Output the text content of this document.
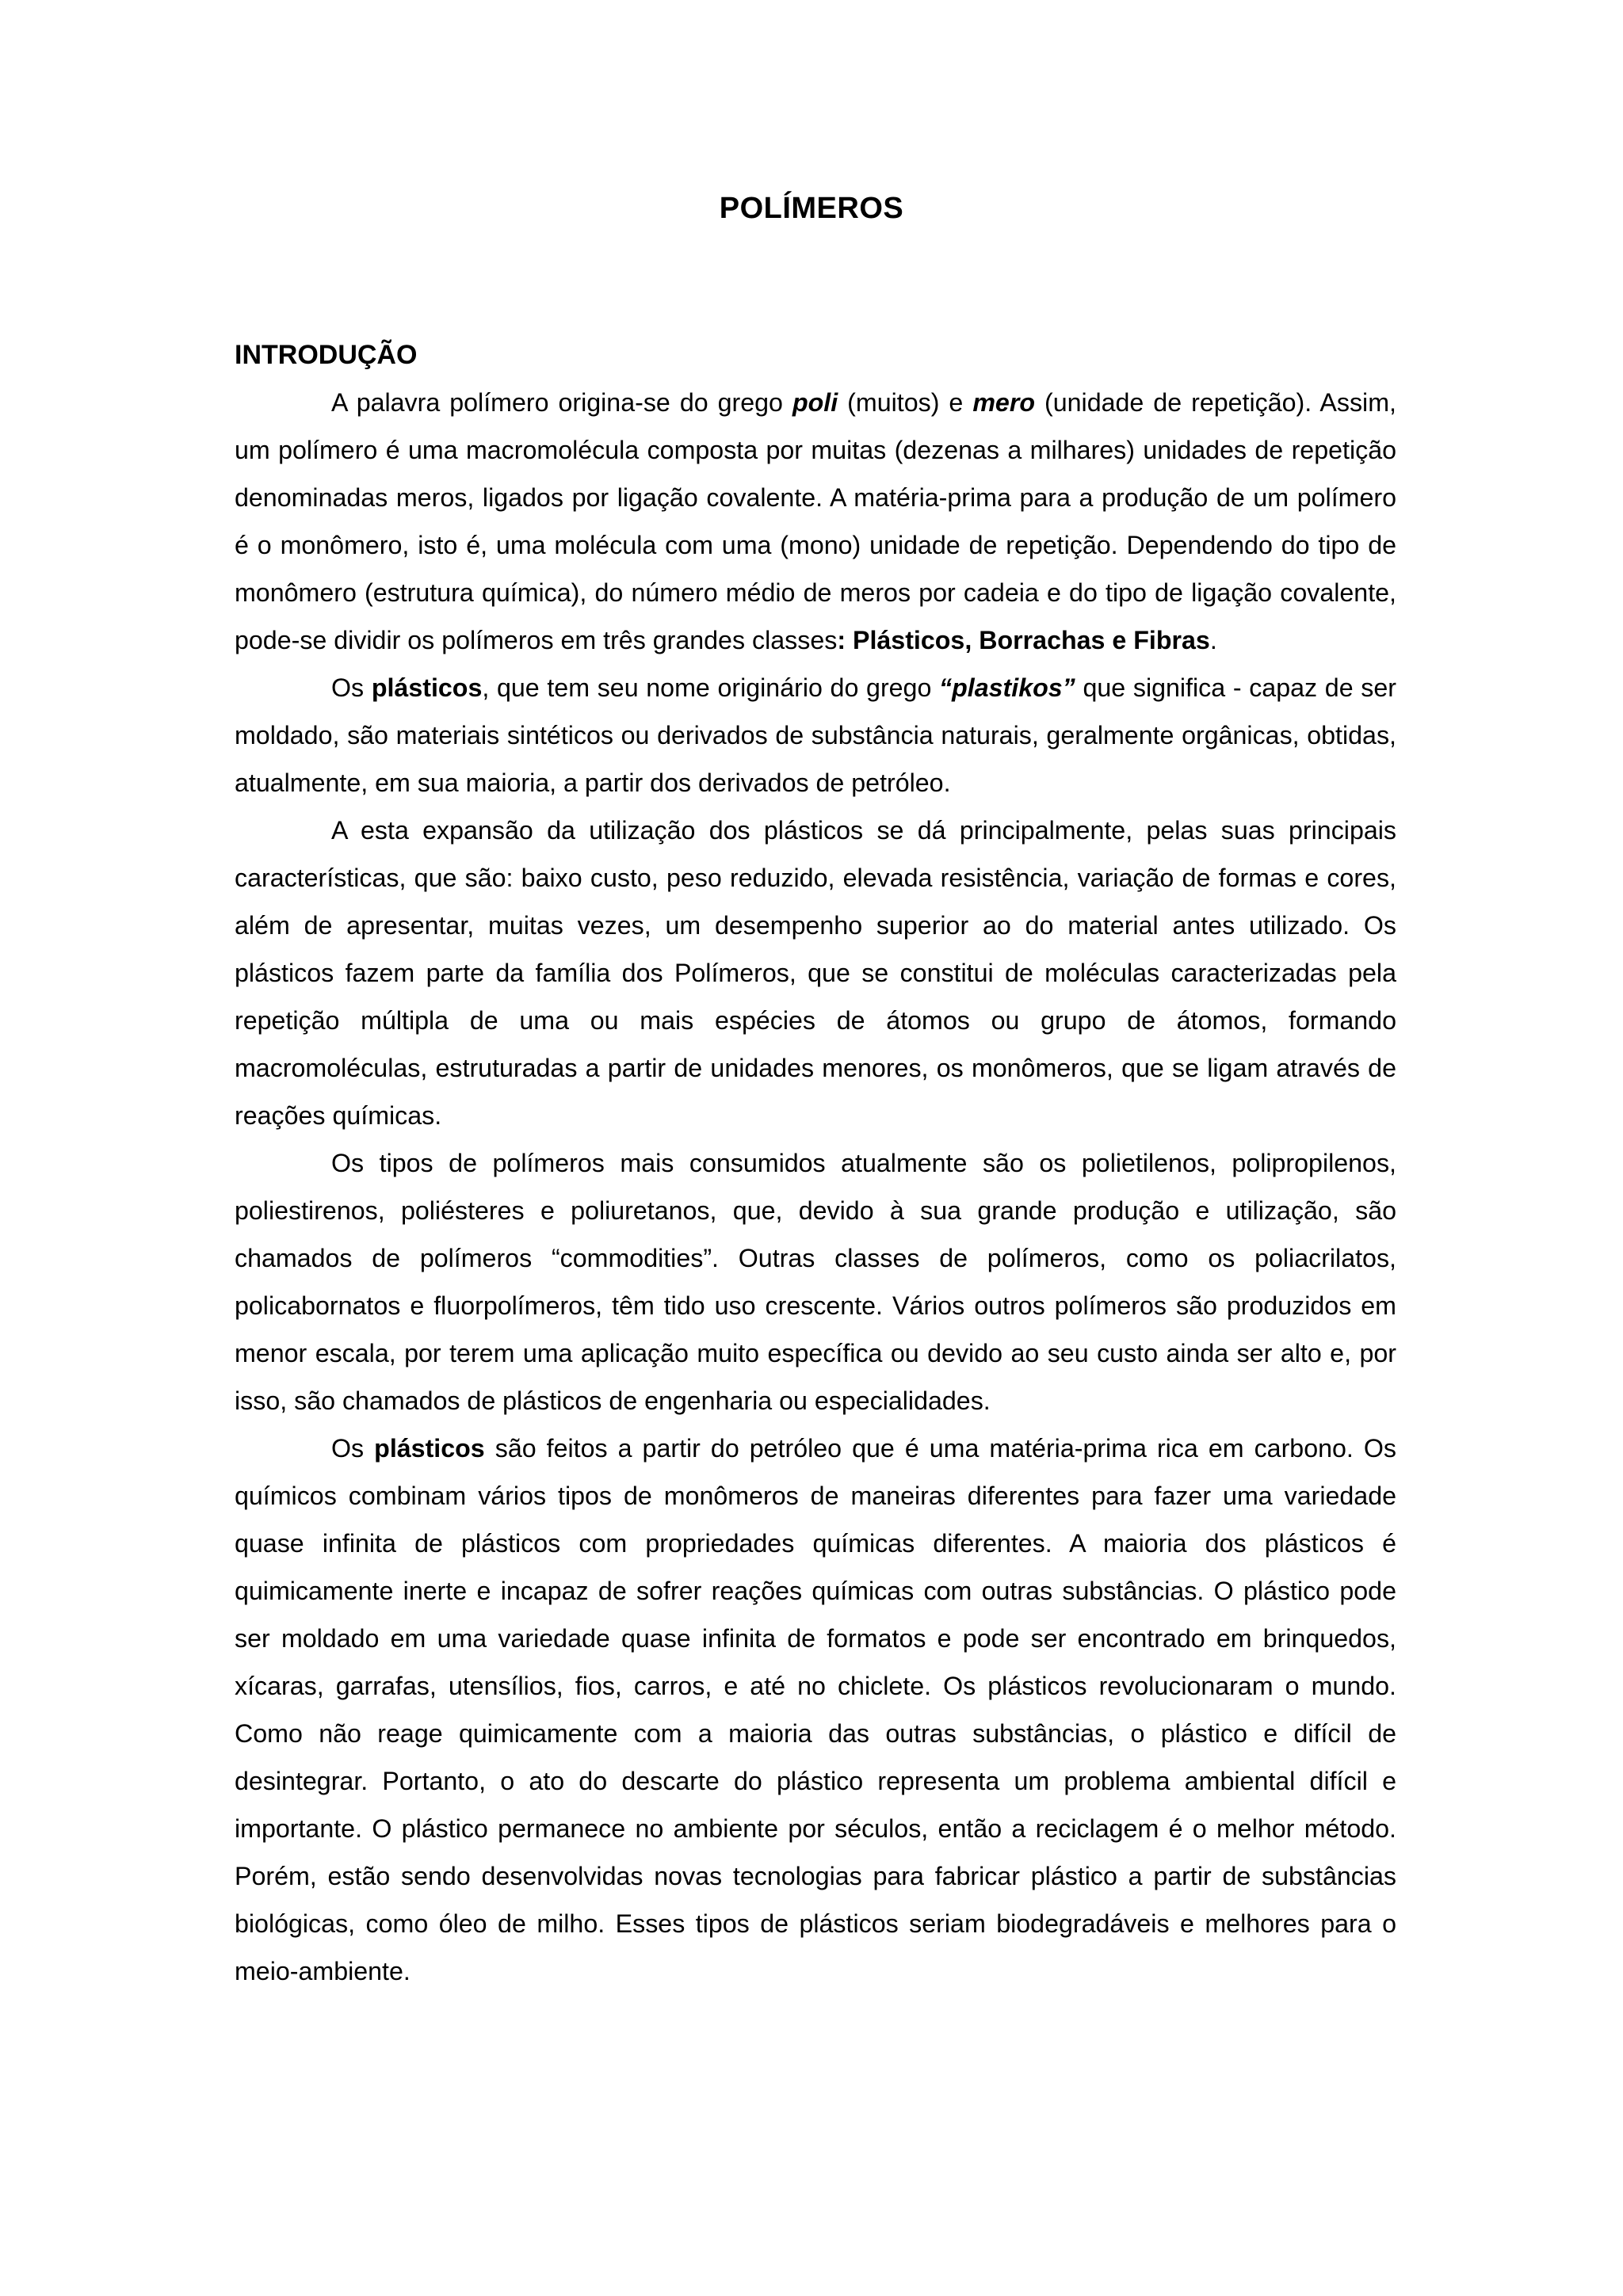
POLÍMEROS
INTRODUÇÃO

A palavra polímero origina-se do grego poli (muitos) e mero (unidade de repetição). Assim, um polímero é uma macromolécula composta por muitas (dezenas a milhares) unidades de repetição denominadas meros, ligados por ligação covalente. A matéria-prima para a produção de um polímero é o monômero, isto é, uma molécula com uma (mono) unidade de repetição. Dependendo do tipo de monômero (estrutura química), do número médio de meros por cadeia e do tipo de ligação covalente, pode-se dividir os polímeros em três grandes classes: Plásticos, Borrachas e Fibras.

Os plásticos, que tem seu nome originário do grego “plastikos” que significa - capaz de ser moldado, são materiais sintéticos ou derivados de substância naturais, geralmente orgânicas, obtidas, atualmente, em sua maioria, a partir dos derivados de petróleo.

A esta expansão da utilização dos plásticos se dá principalmente, pelas suas principais características, que são: baixo custo, peso reduzido, elevada resistência, variação de formas e cores, além de apresentar, muitas vezes, um desempenho superior ao do material antes utilizado. Os plásticos fazem parte da família dos Polímeros, que se constitui de moléculas caracterizadas pela repetição múltipla de uma ou mais espécies de átomos ou grupo de átomos, formando macromoléculas, estruturadas a partir de unidades menores, os monômeros, que se ligam através de reações químicas.

Os tipos de polímeros mais consumidos atualmente são os polietilenos, polipropilenos, poliestirenos, poliésteres e poliuretanos, que, devido à sua grande produção e utilização, são chamados de polímeros “commodities”. Outras classes de polímeros, como os poliacrilatos, policabornatos e fluorpolímeros, têm tido uso crescente. Vários outros polímeros são produzidos em menor escala, por terem uma aplicação muito específica ou devido ao seu custo ainda ser alto e, por isso, são chamados de plásticos de engenharia ou especialidades.

Os plásticos são feitos a partir do petróleo que é uma matéria-prima rica em carbono. Os químicos combinam vários tipos de monômeros de maneiras diferentes para fazer uma variedade quase infinita de plásticos com propriedades químicas diferentes. A maioria dos plásticos é quimicamente inerte e incapaz de sofrer reações químicas com outras substâncias. O plástico pode ser moldado em uma variedade quase infinita de formatos e pode ser encontrado em brinquedos, xícaras, garrafas, utensílios, fios, carros, e até no chiclete. Os plásticos revolucionaram o mundo. Como não reage quimicamente com a maioria das outras substâncias, o plástico e difícil de desintegrar. Portanto, o ato do descarte do plástico representa um problema ambiental difícil e importante. O plástico permanece no ambiente por séculos, então a reciclagem é o melhor método. Porém, estão sendo desenvolvidas novas tecnologias para fabricar plástico a partir de substâncias biológicas, como óleo de milho. Esses tipos de plásticos seriam biodegradáveis e melhores para o meio-ambiente.
